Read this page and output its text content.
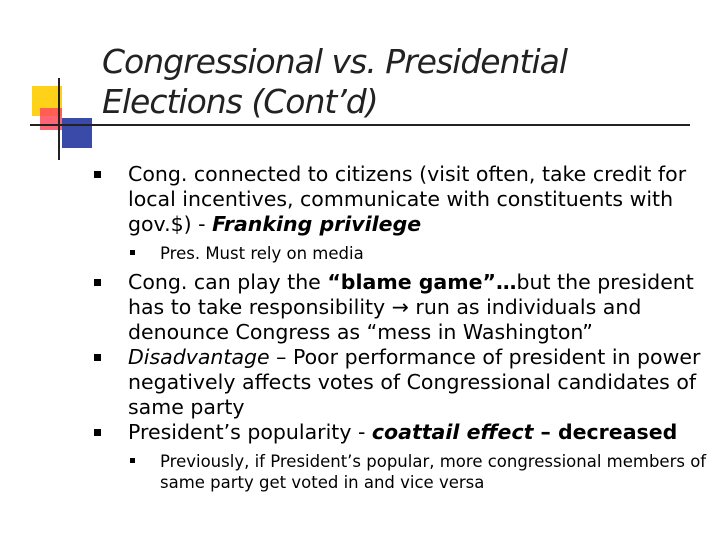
Congressional vs. Presidential
Elections (Cont’d)

Cong. connected to citizens (visit often, take credit for local incentives, communicate with constituents with gov.$) - Franking privilege

Pres. Must rely on media

Cong. can play the “blame game”…but the president has to take responsibility → run as individuals and denounce Congress as “mess in Washington”

Disadvantage – Poor performance of president in power negatively affects votes of Congressional candidates of same party

President’s popularity - coattail effect – decreased

Previously, if President’s popular, more congressional members of same party get voted in and vice versa
